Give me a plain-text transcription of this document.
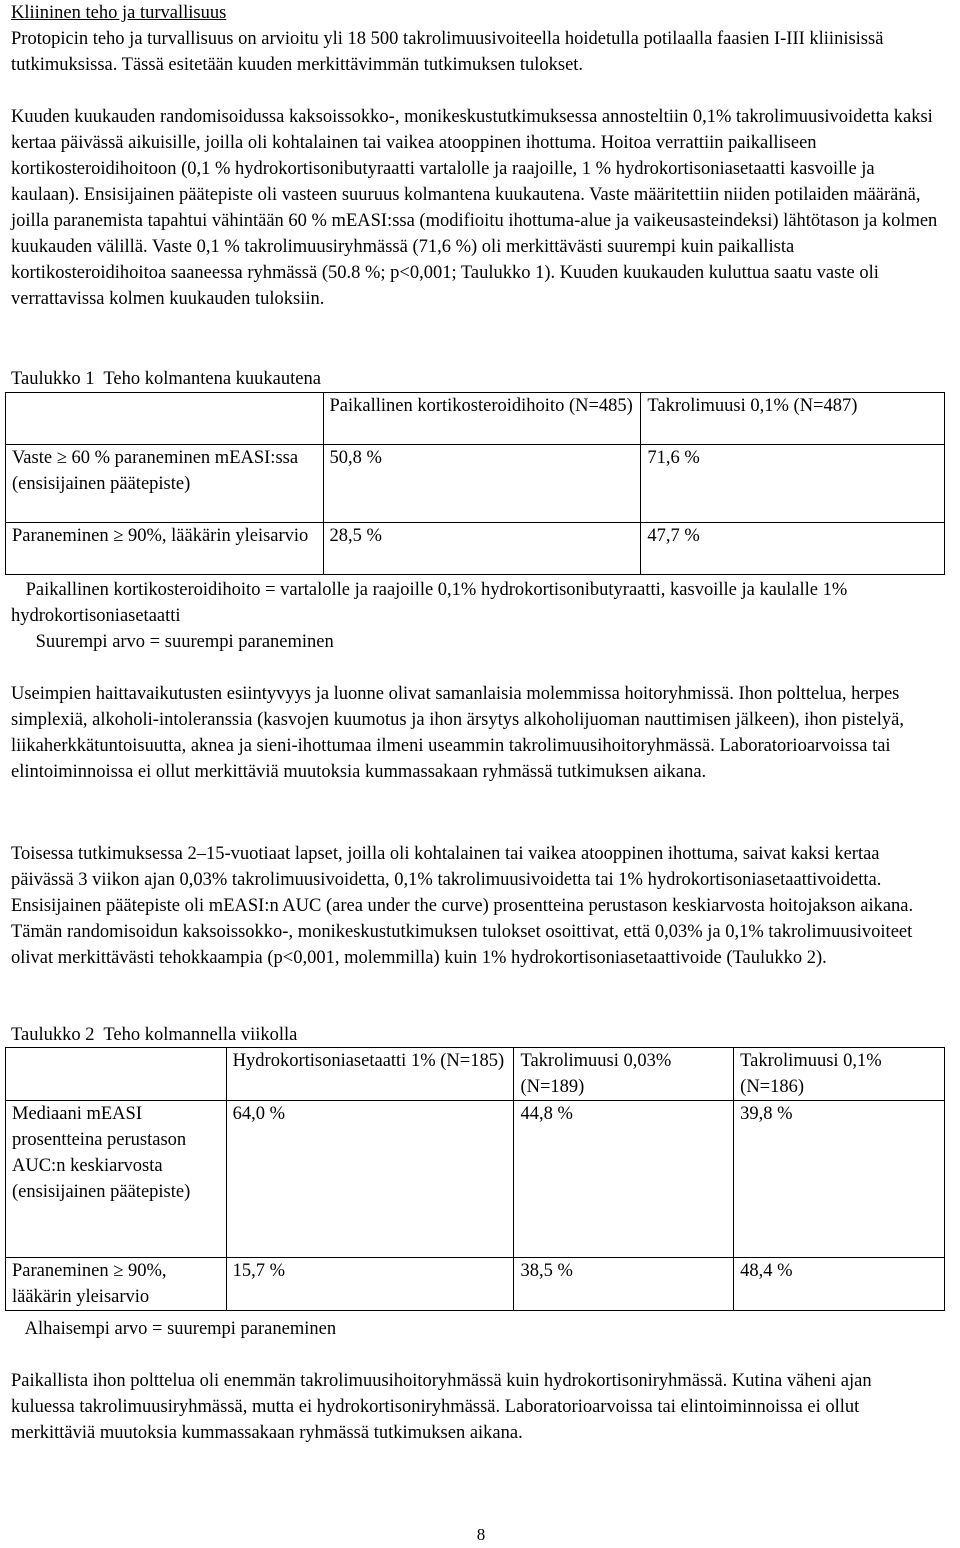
Kliininen teho ja turvallisuus

Protopicin teho ja turvallisuus on arvioitu yli 18 500 takrolimuusivoiteella hoidetulla potilaalla faasien I-III kliinisissä tutkimuksissa. Tässä esitetään kuuden merkittävimmän tutkimuksen tulokset.

Kuuden kuukauden randomisoidussa kaksoissokko-, monikeskustutkimuksessa annosteltiin 0,1% takrolimuusivoidetta kaksi kertaa päivässä aikuisille, joilla oli kohtalainen tai vaikea atooppinen ihottuma. Hoitoa verrattiin paikalliseen kortikosteroidihoitoon (0,1 % hydrokortisonibutyraatti vartalolle ja raajoille, 1 % hydrokortisoniasetaatti kasvoille ja kaulaan). Ensisijainen päätepiste oli vasteen suuruus kolmantena kuukautena. Vaste määritettiin niiden potilaiden määränä, joilla paranemista tapahtui vähintään 60 % mEASI:ssa (modifioitu ihottuma-alue ja vaikeusasteindeksi) lähtötason ja kolmen kuukauden välillä. Vaste 0,1 % takrolimuusiryhmässä (71,6 %) oli merkittävästi suurempi kuin paikallista kortikosteroidihoitoa saaneessa ryhmässä (50.8 %; p<0,001; Taulukko 1). Kuuden kuukauden kuluttua saatu vaste oli verrattavissa kolmen kuukauden tuloksiin.

Taulukko 1  Teho kolmantena kuukautena

	Paikallinen kortikosteroidihoito (N=485)	Takrolimuusi 0,1% (N=487)
Vaste ≥ 60 % paraneminen mEASI:ssa (ensisijainen päätepiste)	50,8 %	71,6 %
Paraneminen ≥ 90%, lääkärin yleisarvio	28,5 %	47,7 %

Paikallinen kortikosteroidihoito = vartalolle ja raajoille 0,1% hydrokortisonibutyraatti, kasvoille ja kaulalle 1% hydrokortisoniasetaatti

Suurempi arvo = suurempi paraneminen

Useimpien haittavaikutusten esiintyvyys ja luonne olivat samanlaisia molemmissa hoitoryhmissä. Ihon polttelua, herpes simplexiä, alkoholi-intoleranssia (kasvojen kuumotus ja ihon ärsytys alkoholijuoman nauttimisen jälkeen), ihon pistelyä, liikaherkkätuntoisuutta, aknea ja sieni-ihottumaa ilmeni useammin takrolimuusihoitoryhmässä. Laboratorioarvoissa tai elintoiminnoissa ei ollut merkittäviä muutoksia kummassakaan ryhmässä tutkimuksen aikana.

Toisessa tutkimuksessa 2–15-vuotiaat lapset, joilla oli kohtalainen tai vaikea atooppinen ihottuma, saivat kaksi kertaa päivässä 3 viikon ajan 0,03% takrolimuusivoidetta, 0,1% takrolimuusivoidetta tai 1% hydrokortisoniasetaattivoidetta. Ensisijainen päätepiste oli mEASI:n AUC (area under the curve) prosentteina perustason keskiarvosta hoitojakson aikana. Tämän randomisoidun kaksoissokko-, monikeskustutkimuksen tulokset osoittivat, että 0,03% ja 0,1% takrolimuusivoiteet olivat merkittävästi tehokkaampia (p<0,001, molemmilla) kuin 1% hydrokortisoniasetaattivoide (Taulukko 2).

Taulukko 2  Teho kolmannella viikolla

	Hydrokortisoniasetaatti 1% (N=185)	Takrolimuusi 0,03% (N=189)	Takrolimuusi 0,1% (N=186)
Mediaani mEASI prosentteina perustason AUC:n keskiarvosta (ensisijainen päätepiste)	64,0 %	44,8 %	39,8 %
Paraneminen ≥ 90%, lääkärin yleisarvio	15,7 %	38,5 %	48,4 %

Alhaisempi arvo = suurempi paraneminen

Paikallista ihon polttelua oli enemmän takrolimuusihoitoryhmässä kuin hydrokortisoniryhmässä. Kutina väheni ajan kuluessa takrolimuusiryhmässä, mutta ei hydrokortisoniryhmässä. Laboratorioarvoissa tai elintoiminnoissa ei ollut merkittäviä muutoksia kummassakaan ryhmässä tutkimuksen aikana.

8
